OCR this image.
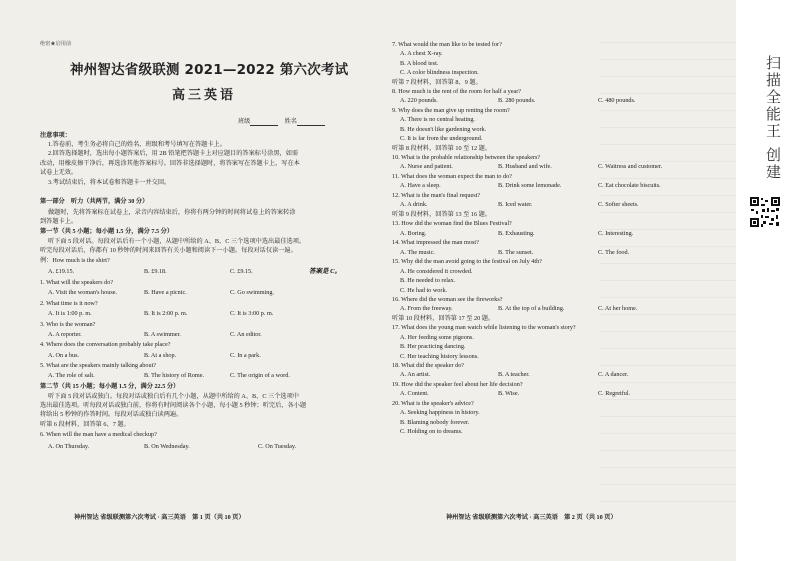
绝密★启用前
神州智达省级联测 2021—2022 第六次考试
高三英语
班级　	姓名
注意事项：
1.答卷前，考生务必将自己的姓名、班级和考号填写在答题卡上。
2.回答选择题时，选出每小题答案后，用 2B 铅笔把答题卡上对应题目的答案标号涂黑，如需
改动，用橡皮擦干净后，再选涂其他答案标号。回答非选择题时，将答案写在答题卡上，写在本
试卷上无效。
3.考试结束后，将本试卷和答题卡一并交回。
第一部分　听力（共两节，满分 30 分）
做题时，先将答案标在试卷上，录音内容结束后，你将有两分钟的时间将试卷上的答案转涂
到答题卡上。
第一节（共 5 小题；每小题 1.5 分，满分 7.5 分）
听下面 5 段对话。每段对话后有一个小题，从题中所给的 A、B、C 三个选项中选出最佳选项。
听完每段对话后，你都有 10 秒钟的时间来回答有关小题和阅读下一小题。每段对话仅读一遍。
例：How much is the shirt?
A. £19.15.	B. £9.18.	C. £9.15.	答案是 C。
1. What will the speakers do?
A. Visit the woman's house.	B. Have a picnic.	C. Go swimming.
2. What time is it now?
A. It is 1:00 p. m.	B. It is 2:00 p. m.	C. It is 3:00 p. m.
3. Who is the woman?
A. A reporter.	B. A swimmer.	C. An editor.
4. Where does the conversation probably take place?
A. On a bus.	B. At a shop.	C. In a park.
5. What are the speakers mainly talking about?
A. The role of salt.	B. The history of Rome.	C. The origin of a word.
第二节（共 15 小题；每小题 1.5 分，满分 22.5 分）
听下面 5 段对话或独白。每段对话或独白后有几个小题，从题中所给的 A、B、C 三个选项中
选出最佳选项。听每段对话或独白前，你将有时间阅读各个小题，每小题 5 秒钟；听完后，各小题
将给出 5 秒钟的作答时间。每段对话或独白读两遍。
听第 6 段材料，回答第 6、7 题。
6. When will the man have a medical checkup?
A. On Thursday.	B. On Wednesday.	C. On Tuesday.
神州智达 省级联测第六次考试 · 高三英语　第 1 页（共 10 页）
7. What would the man like to be tested for?
A. A chest X-ray.
B. A blood test.
C. A color blindness inspection.
听第 7 段材料，回答第 8、9 题。
8. How much is the rent of the room for half a year?
A. 220 pounds.	B. 280 pounds.	C. 480 pounds.
9. Why does the man give up renting the room?
A. There is no central heating.
B. He doesn't like gardening work.
C. It is far from the underground.
听第 8 段材料，回答第 10 至 12 题。
10. What is the probable relationship between the speakers?
A. Nurse and patient.	B. Husband and wife.	C. Waitress and customer.
11. What does the woman expect the man to do?
A. Have a sleep.	B. Drink some lemonade.	C. Eat chocolate biscuits.
12. What is the man's final request?
A. A drink.	B. Iced water.	C. Softer sheets.
听第 9 段材料，回答第 13 至 16 题。
13. How did the woman find the Blues Festival?
A. Boring.	B. Exhausting.	C. Interesting.
14. What impressed the man most?
A. The music.	B. The sunset.	C. The food.
15. Why did the man avoid going to the festival on July 4th?
A. He considered it crowded.
B. He needed to relax.
C. He had to work.
16. Where did the woman see the fireworks?
A. From the freeway.	B. At the top of a building.	C. At her home.
听第 10 段材料，回答第 17 至 20 题。
17. What does the young man watch while listening to the woman's story?
A. Her feeding some pigeons.
B. Her practicing dancing.
C. Her teaching history lessons.
18. What did the speaker do?
A. An artist.	B. A teacher.	C. A dancer.
19. How did the speaker feel about her life decision?
A. Content.	B. Wise.	C. Regretful.
20. What is the speaker's advice?
A. Seeking happiness in history.
B. Blaming nobody forever.
C. Holding on to dreams.
神州智达 省级联测第六次考试 · 高三英语　第 2 页（共 10 页）
扫描全能王 创建
